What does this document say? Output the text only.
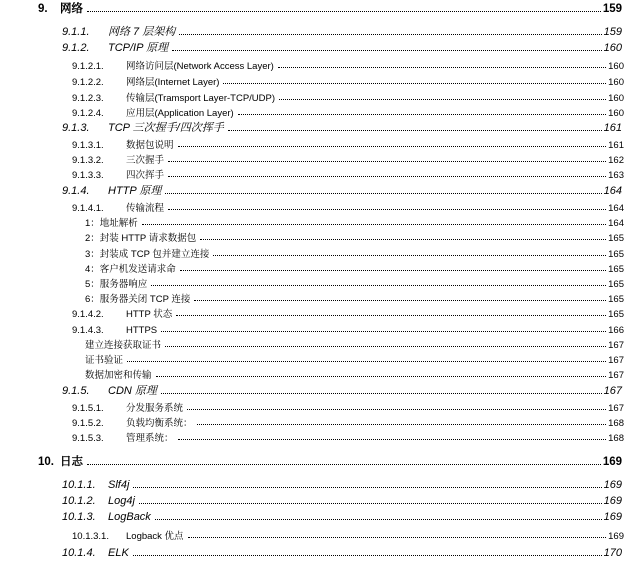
9.	网络	159
9.1.1.	网络 7 层架构	159
9.1.2.	TCP/IP 原理	160
9.1.2.1.	网络访问层(Network Access Layer)	160
9.1.2.2.	网络层(Internet Layer)	160
9.1.2.3.	传输层(Tramsport Layer-TCP/UDP)	160
9.1.2.4.	应用层(Application Layer)	160
9.1.3.	TCP 三次握手/四次挥手	161
9.1.3.1.	数据包说明	161
9.1.3.2.	三次握手	162
9.1.3.3.	四次挥手	163
9.1.4.	HTTP 原理	164
9.1.4.1.	传输流程	164
1：地址解析	164
2：封装 HTTP 请求数据包	165
3：封装成 TCP 包并建立连接	165
4：客户机发送请求命	165
5：服务器响应	165
6：服务器关闭 TCP 连接	165
9.1.4.2.	HTTP 状态	165
9.1.4.3.	HTTPS	166
建立连接获取证书	167
证书验证	167
数据加密和传输	167
9.1.5.	CDN 原理	167
9.1.5.1.	分发服务系统	167
9.1.5.2.	负载均衡系统：	168
9.1.5.3.	管理系统：	168
10. 日志	169
10.1.1.	Slf4j	169
10.1.2.	Log4j	169
10.1.3.	LogBack	169
10.1.3.1.	Logback 优点	169
10.1.4.	ELK	170
